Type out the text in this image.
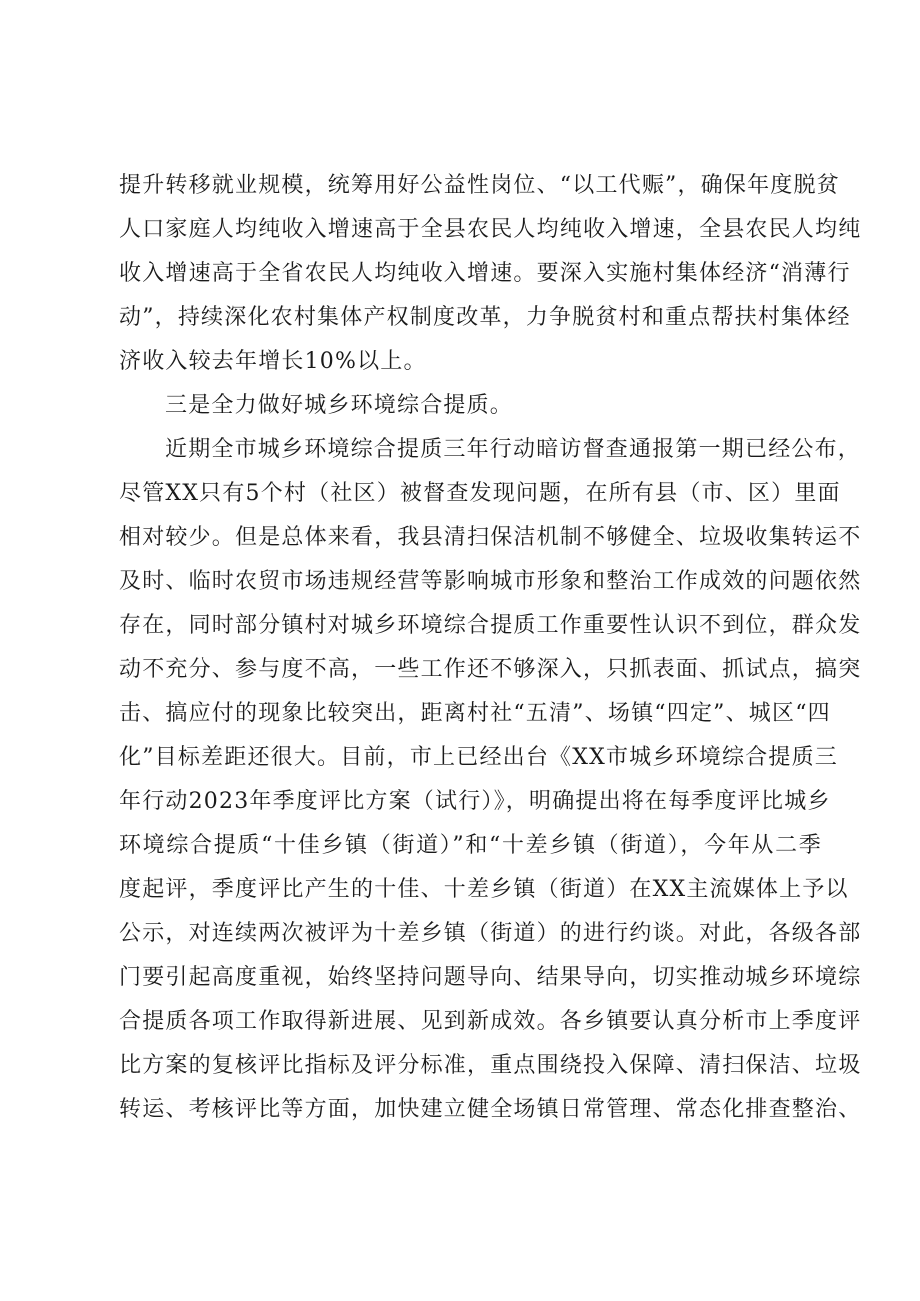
提升转移就业规模，统筹用好公益性岗位、“以工代赈”，确保年度脱贫
人口家庭人均纯收入增速高于全县农民人均纯收入增速，全县农民人均纯
收入增速高于全省农民人均纯收入增速。要深入实施村集体经济“消薄行
动”，持续深化农村集体产权制度改革，力争脱贫村和重点帮扶村集体经
济收入较去年增长10%以上。
三是全力做好城乡环境综合提质。
近期全市城乡环境综合提质三年行动暗访督查通报第一期已经公布，
尽管XX只有5个村（社区）被督查发现问题，在所有县（市、区）里面
相对较少。但是总体来看，我县清扫保洁机制不够健全、垃圾收集转运不
及时、临时农贸市场违规经营等影响城市形象和整治工作成效的问题依然
存在，同时部分镇村对城乡环境综合提质工作重要性认识不到位，群众发
动不充分、参与度不高，一些工作还不够深入，只抓表面、抓试点，搞突
击、搞应付的现象比较突出，距离村社“五清”、场镇“四定”、城区“四
化”目标差距还很大。目前，市上已经出台《XX市城乡环境综合提质三
年行动2023年季度评比方案（试行）》，明确提出将在每季度评比城乡
环境综合提质“十佳乡镇（街道）”和“十差乡镇（街道），今年从二季
度起评，季度评比产生的十佳、十差乡镇（街道）在XX主流媒体上予以
公示，对连续两次被评为十差乡镇（街道）的进行约谈。对此，各级各部
门要引起高度重视，始终坚持问题导向、结果导向，切实推动城乡环境综
合提质各项工作取得新进展、见到新成效。各乡镇要认真分析市上季度评
比方案的复核评比指标及评分标准，重点围绕投入保障、清扫保洁、垃圾
转运、考核评比等方面，加快建立健全场镇日常管理、常态化排查整治、
